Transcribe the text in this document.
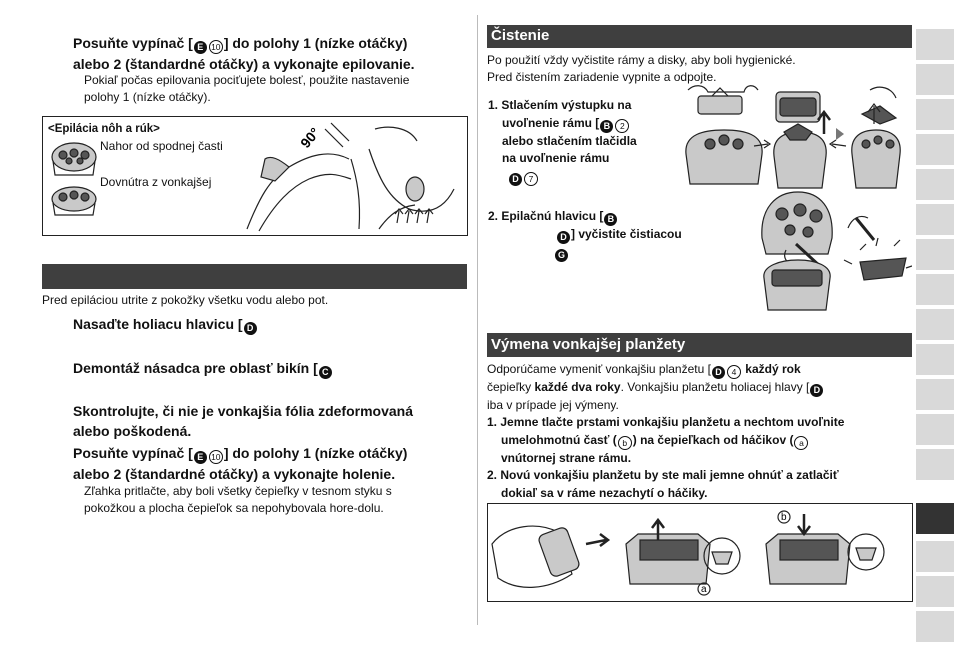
Posuňte vypínač [ E 10 ] do polohy 1 (nízke otáčky)
alebo 2 (štandardné otáčky) a vykonajte epilovanie.
Pokiaľ počas epilovania pociťujete bolesť, použite nastavenie
polohy 1 (nízke otáčky).
<Epilácia nôh a rúk>
Nahor od spodnej časti
Dovnútra z vonkajšej
90°
Pred epiláciou utrite z pokožky všetku vodu alebo pot.
Nasaďte holiacu hlavicu [ D
Demontáž násadca pre oblasť bikín [ C
Skontrolujte, či nie je vonkajšia fólia zdeformovaná
alebo poškodená.
Posuňte vypínač [ E 10 ] do polohy 1 (nízke otáčky)
alebo 2 (štandardné otáčky) a vykonajte holenie.
Zľahka pritlačte, aby boli všetky čepieľky v tesnom styku s
pokožkou a plocha čepieľok sa nepohybovala hore-dolu.
Čistenie
Po použití vždy vyčistite rámy a disky, aby boli hygienické.
Pred čistením zariadenie vypnite a odpojte.
1. Stlačením výstupku na
uvoľnenie rámu [ B 2
alebo stlačením tlačidla
na uvoľnenie rámu
D 7
2. Epilačnú hlavicu [ B
D ] vyčistite čistiacou
G
Výmena vonkajšej planžety
Odporúčame vymeniť vonkajšiu planžetu [ D 4 každý rok
čepieľky každé dva roky. Vonkajšiu planžetu holiacej hlavy [ D
iba v prípade jej výmeny.
1. Jemne tlačte prstami vonkajšiu planžetu a nechtom uvoľnite
umelohmotnú časť ( b ) na čepieľkach od háčikov ( a
vnútornej strane rámu.
2. Novú vonkajšiu planžetu by ste mali jemne ohnúť a zatlačiť
dokiaľ sa v ráme nezachytí o háčiky.
a
b
